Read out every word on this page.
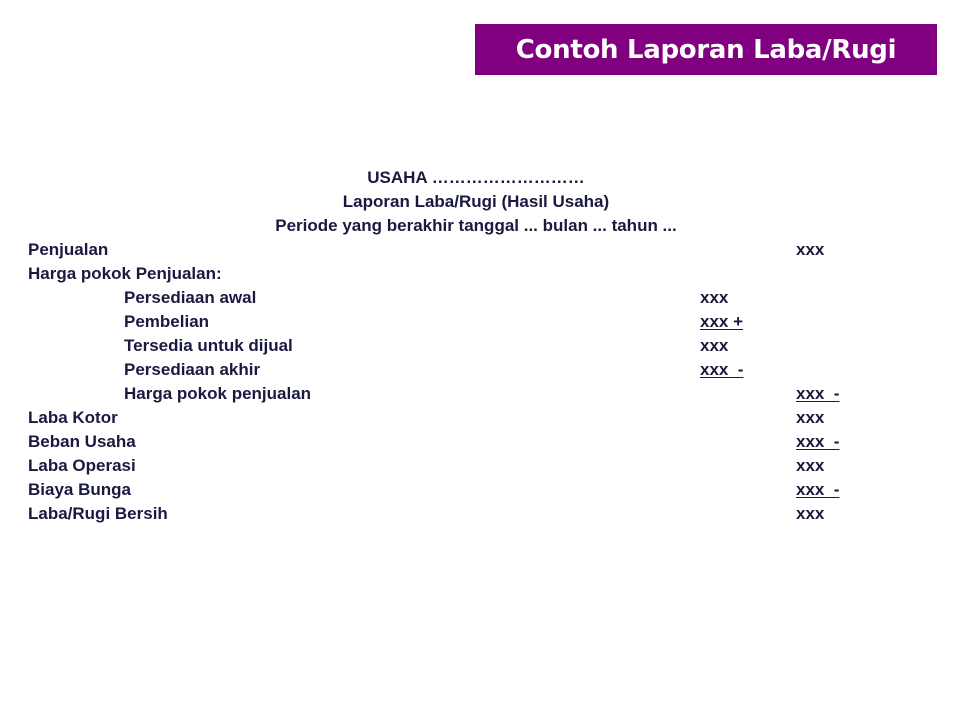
Contoh Laporan Laba/Rugi
USAHA ………………………
Laporan Laba/Rugi (Hasil Usaha)
Periode yang berakhir tanggal ... bulan ... tahun ...
Penjualan	xxx
Harga pokok Penjualan:
Persediaan awal	xxx
Pembelian	xxx +
Tersedia untuk dijual	xxx
Persediaan akhir	xxx  -
Harga pokok penjualan	xxx  -
Laba Kotor	xxx
Beban Usaha	xxx  -
Laba Operasi	xxx
Biaya Bunga	xxx  -
Laba/Rugi Bersih	xxx
